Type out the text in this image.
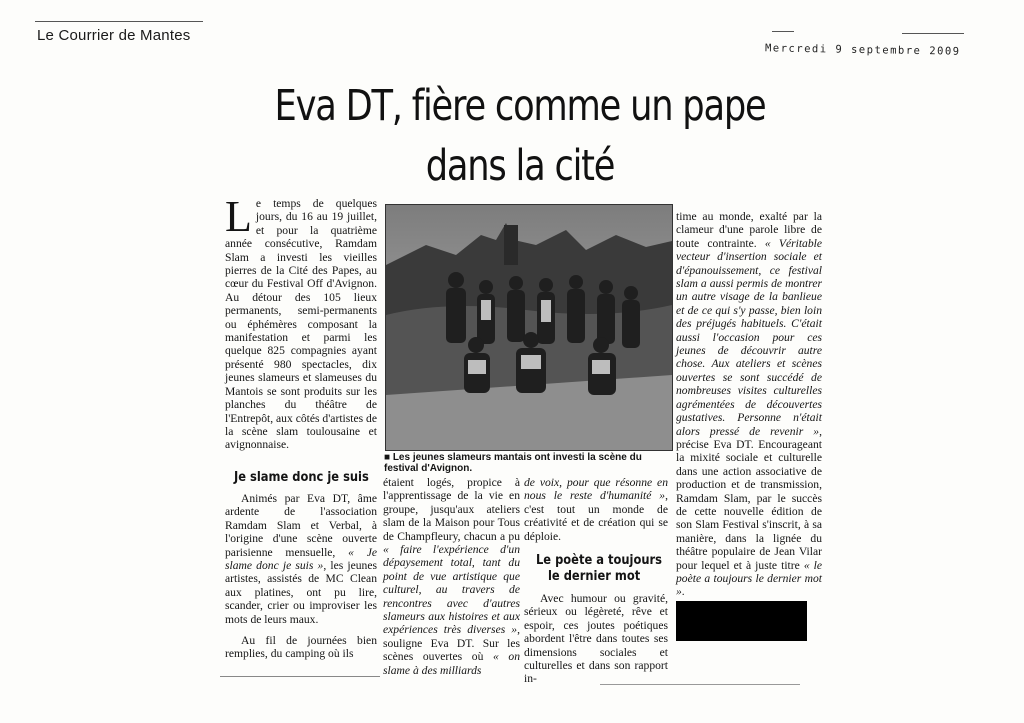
Le Courrier de Mantes
Mercredi 9 septembre 2009
Eva DT, fière comme un pape
dans la cité
Le temps de quelques jours, du 16 au 19 juillet, et pour la quatrième année consécutive, Ramdam Slam a investi les vieilles pierres de la Cité des Papes, au cœur du Festival Off d'Avignon. Au détour des 105 lieux permanents, semi-permanents ou éphémères composant la manifestation et parmi les quelque 825 compagnies ayant présenté 980 spectacles, dix jeunes slameurs et slameuses du Mantois se sont produits sur les planches du théâtre de l'Entrepôt, aux côtés d'artistes de la scène slam toulousaine et avignonnaise.
Je slame donc je suis

Animés par Eva DT, âme ardente de l'association Ramdam Slam et Verbal, à l'origine d'une scène ouverte parisienne mensuelle, « Je slame donc je suis », les jeunes artistes, assistés de MC Clean aux platines, ont pu lire, scander, crier ou improviser les mots de leurs maux.

Au fil de journées bien remplies, du camping où ils

■ Les jeunes slameurs mantais ont investi la scène du festival d'Avignon.

étaient logés, propice à l'apprentissage de la vie en groupe, jusqu'aux ateliers slam de la Maison pour Tous de Champfleury, chacun a pu « faire l'expérience d'un dépaysement total, tant du point de vue artistique que culturel, au travers de rencontres avec d'autres slameurs aux histoires et aux expériences très diverses », souligne Eva DT. Sur les scènes ouvertes où « on slame à des milliards

de voix, pour que résonne en nous le reste d'humanité », c'est tout un monde de créativité et de création qui se déploie.

Le poète a toujours
le dernier mot

Avec humour ou gravité, sérieux ou légèreté, rêve et espoir, ces joutes poétiques abordent l'être dans toutes ses dimensions sociales et culturelles et dans son rapport in-

time au monde, exalté par la clameur d'une parole libre de toute contrainte. « Véritable vecteur d'insertion sociale et d'épanouissement, ce festival slam a aussi permis de montrer un autre visage de la banlieue et de ce qui s'y passe, bien loin des préjugés habituels. C'était aussi l'occasion pour ces jeunes de découvrir autre chose. Aux ateliers et scènes ouvertes se sont succédé de nombreuses visites culturelles agrémentées de découvertes gustatives. Personne n'était alors pressé de revenir », précise Eva DT. Encourageant la mixité sociale et culturelle dans une action associative de production et de transmission, Ramdam Slam, par le succès de cette nouvelle édition de son Slam Festival s'inscrit, à sa manière, dans la lignée du théâtre populaire de Jean Vilar pour lequel et à juste titre « le poète a toujours le dernier mot ».
